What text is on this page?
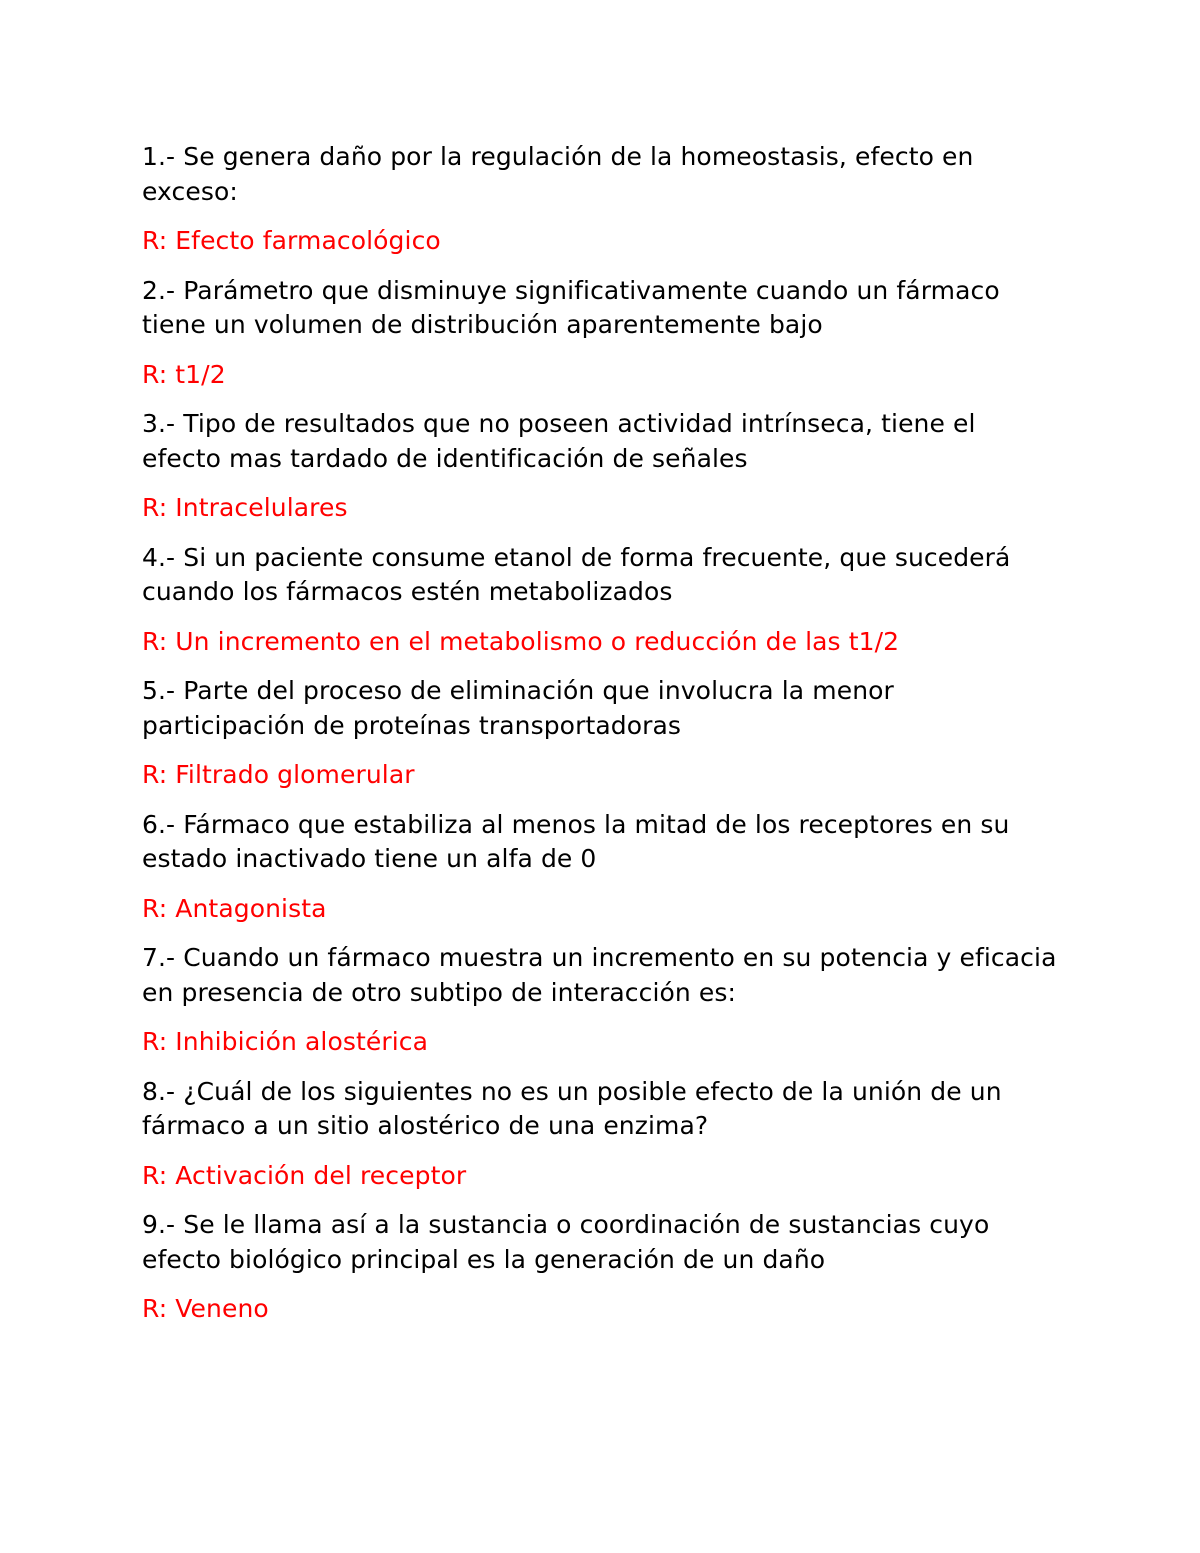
1.- Se genera daño por la regulación de la homeostasis, efecto en exceso:

R: Efecto farmacológico

2.- Parámetro que disminuye significativamente cuando un fármaco tiene un volumen de distribución aparentemente bajo

R: t1/2

3.- Tipo de resultados que no poseen actividad intrínseca, tiene el efecto mas tardado de identificación de señales

R: Intracelulares

4.- Si un paciente consume etanol de forma frecuente, que sucederá cuando los fármacos estén metabolizados

R: Un incremento en el metabolismo o reducción de las t1/2

5.- Parte del proceso de eliminación que involucra la menor participación de proteínas transportadoras

R: Filtrado glomerular

6.- Fármaco que estabiliza al menos la mitad de los receptores en su estado inactivado tiene un alfa de 0

R: Antagonista

7.- Cuando un fármaco muestra un incremento en su potencia y eficacia en presencia de otro subtipo de interacción es:

R: Inhibición alostérica

8.- ¿Cuál de los siguientes no es un posible efecto de la unión de un fármaco a un sitio alostérico de una enzima?

R: Activación del receptor

9.- Se le llama así a la sustancia o coordinación de sustancias cuyo efecto biológico principal es la generación de un daño

R: Veneno
